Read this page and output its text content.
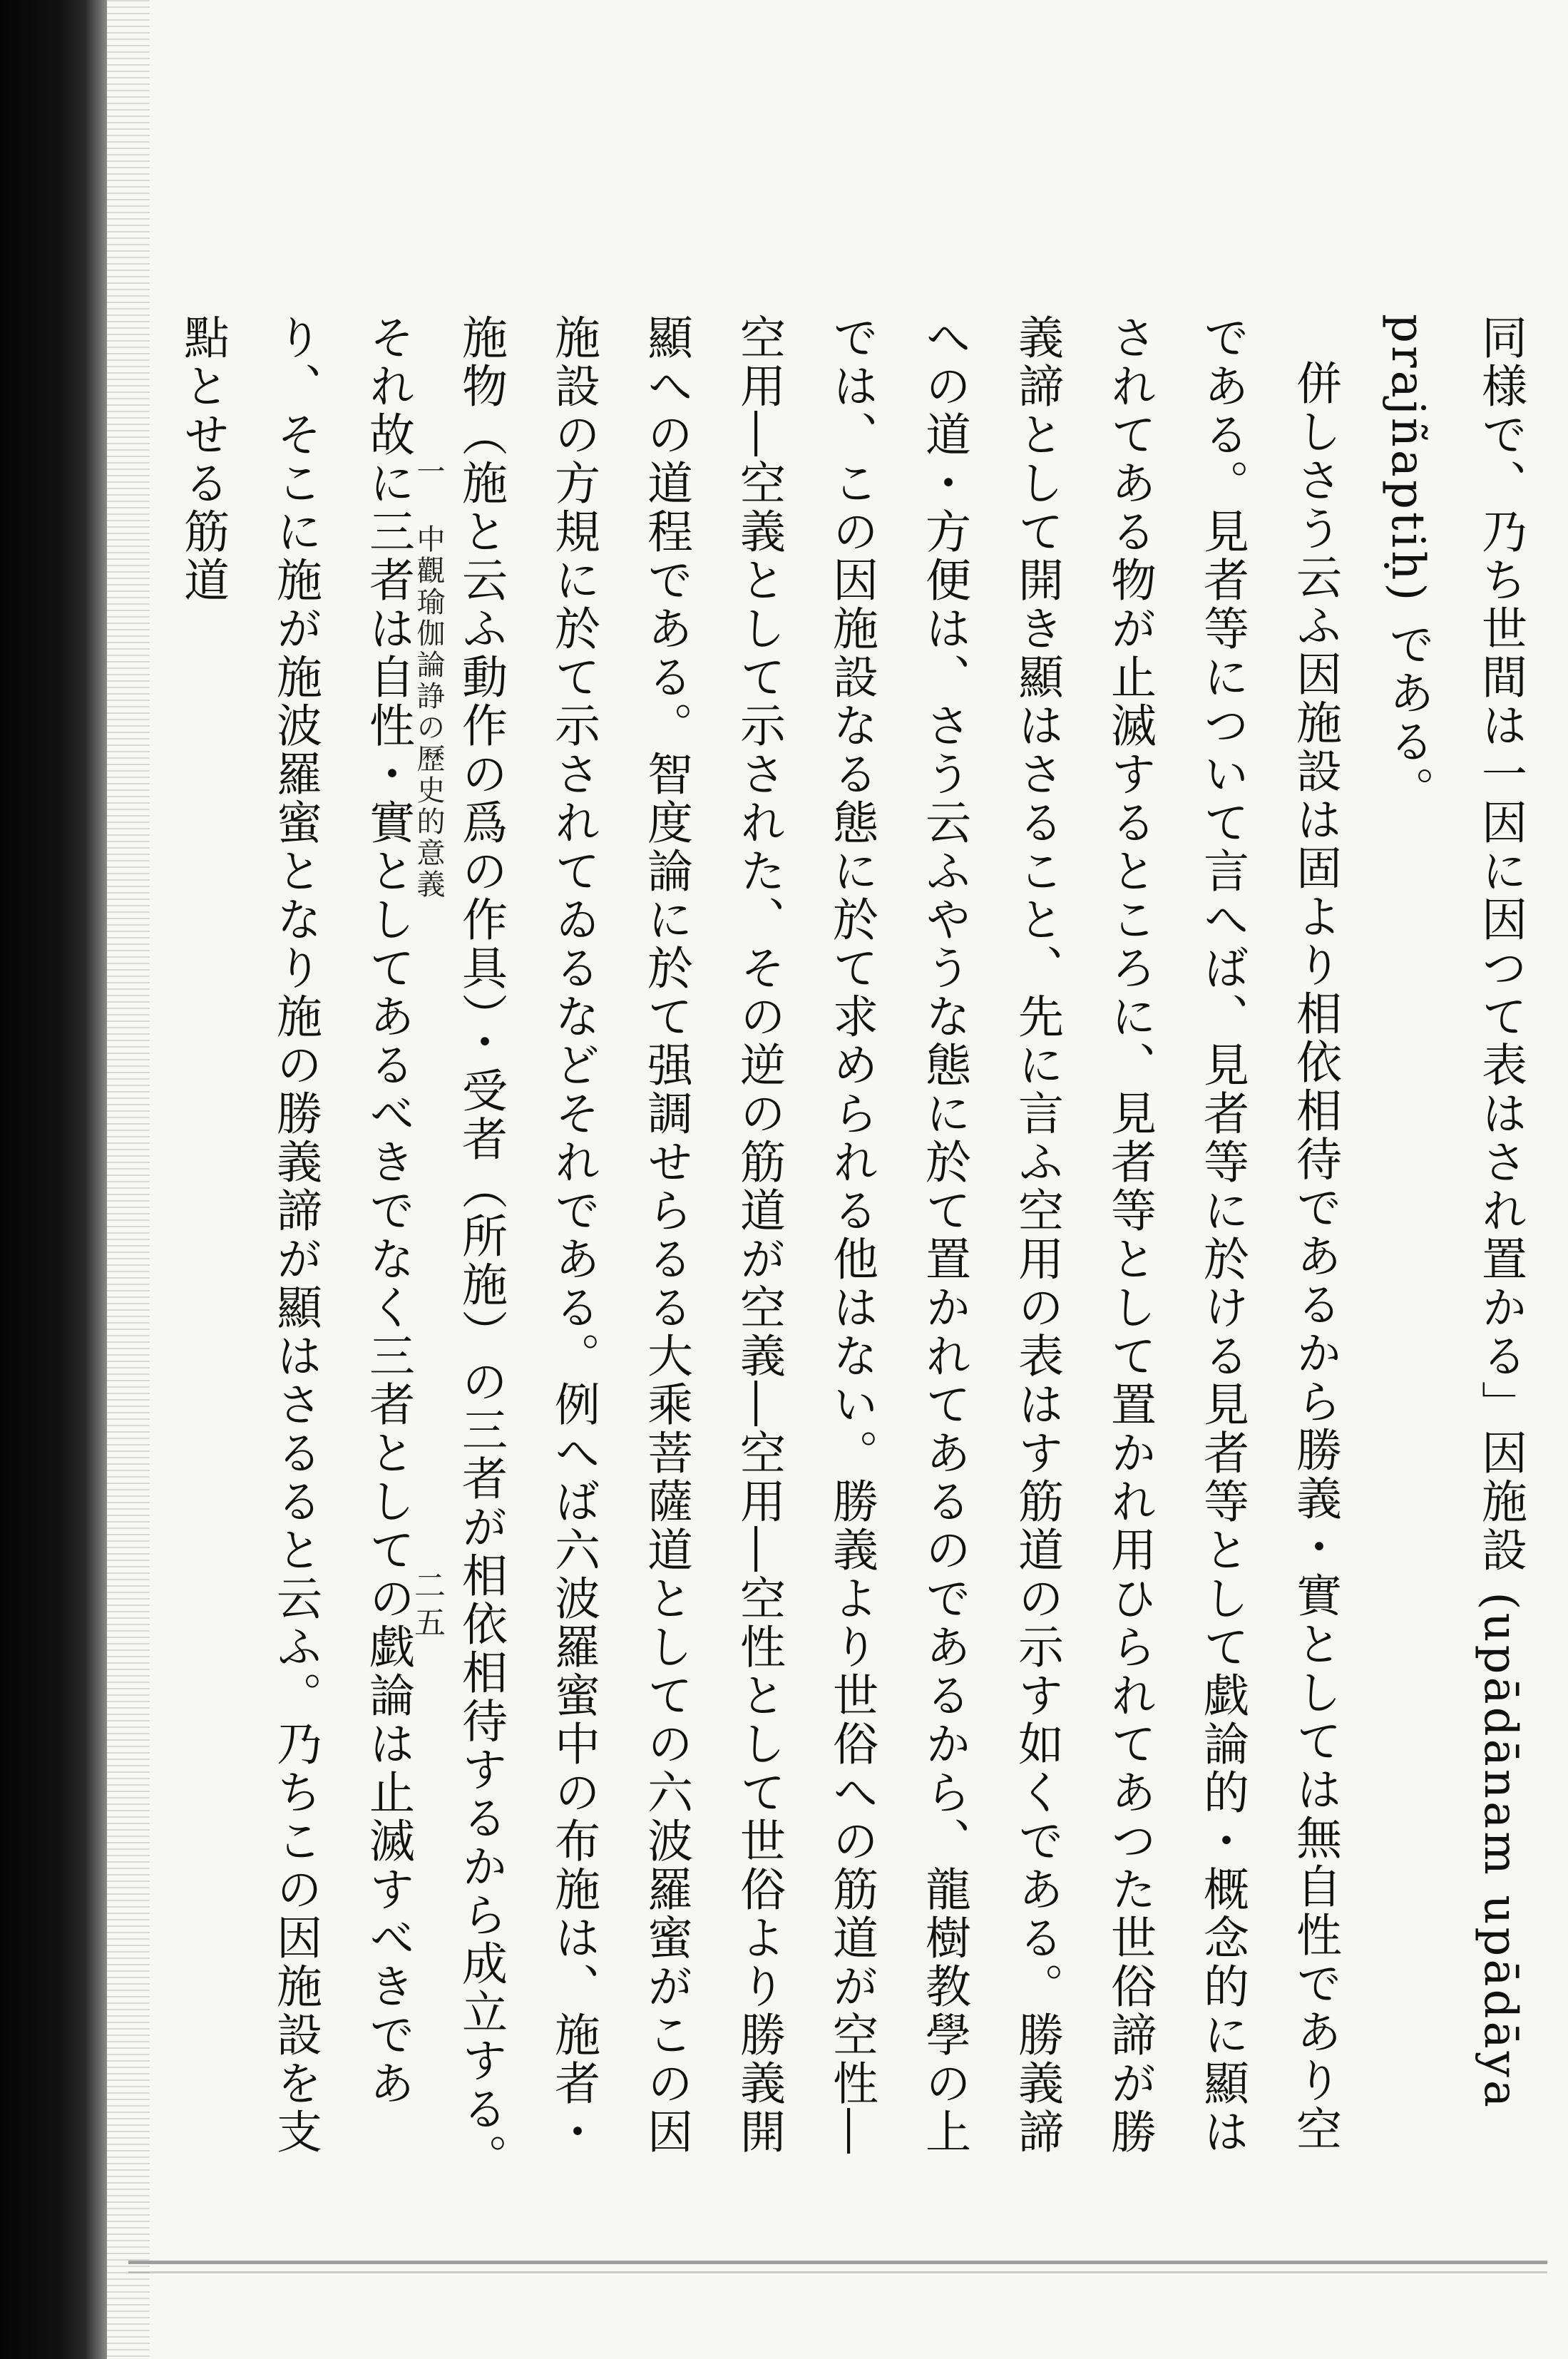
同様で、乃ち世間は一因に因つて表はされ置かる」因施設 (upādānam upādāya prajñaptiḥ) である。

併しさう云ふ因施設は固より相依相待であるから勝義・實としては無自性であり空である。見者等について言へば、見者等に於ける見者等として戯論的・概念的に顯はされてある物が止滅するところに、見者等として置かれ用ひられてあつた世俗諦が勝義諦として開き顯はさること、先に言ふ空用の表はす筋道の示す如くである。勝義諦への道・方便は、さう云ふやうな態に於て置かれてあるのであるから、龍樹教學の上では、この因施設なる態に於て求められる他はない。勝義より世俗への筋道が空性―空用―空義として示された、その逆の筋道が空義―空用―空性として世俗より勝義開顯への道程である。智度論に於て强調せらるる大乘菩薩道としての六波羅蜜がこの因施設の方規に於て示されてゐるなどそれである。例へば六波羅蜜中の布施は、施者・施物（施と云ふ動作の爲の作具）・受者（所施）の三者が相依相待するから成立する。それ故に三者は自性・實としてあるべきでなく三者としての戯論は止滅すべきであり、そこに施が施波羅蜜となり施の勝義諦が顯はさるると云ふ。乃ちこの因施設を支點とせる筋道	一 中觀瑜伽論諍の歷史的意義
二五
